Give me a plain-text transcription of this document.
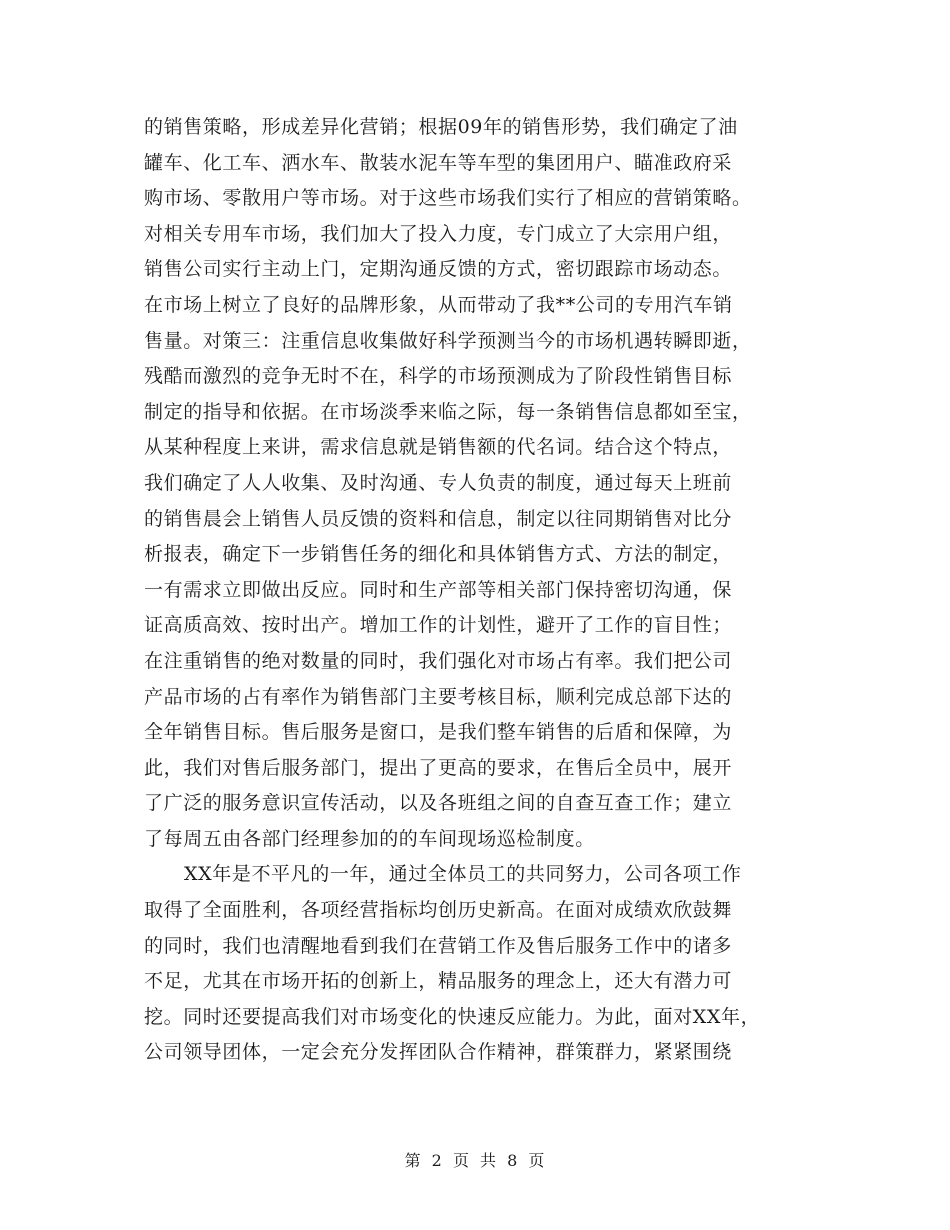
的销售策略，形成差异化营销；根据09年的销售形势，我们确定了油
罐车、化工车、洒水车、散装水泥车等车型的集团用户、瞄准政府采
购市场、零散用户等市场。对于这些市场我们实行了相应的营销策略。
对相关专用车市场，我们加大了投入力度，专门成立了大宗用户组，
销售公司实行主动上门，定期沟通反馈的方式，密切跟踪市场动态。
在市场上树立了良好的品牌形象，从而带动了我**公司的专用汽车销
售量。对策三：注重信息收集做好科学预测当今的市场机遇转瞬即逝，
残酷而激烈的竞争无时不在，科学的市场预测成为了阶段性销售目标
制定的指导和依据。在市场淡季来临之际，每一条销售信息都如至宝，
从某种程度上来讲，需求信息就是销售额的代名词。结合这个特点，
我们确定了人人收集、及时沟通、专人负责的制度，通过每天上班前
的销售晨会上销售人员反馈的资料和信息，制定以往同期销售对比分
析报表，确定下一步销售任务的细化和具体销售方式、方法的制定，
一有需求立即做出反应。同时和生产部等相关部门保持密切沟通，保
证高质高效、按时出产。增加工作的计划性，避开了工作的盲目性；
在注重销售的绝对数量的同时，我们强化对市场占有率。我们把公司
产品市场的占有率作为销售部门主要考核目标，顺利完成总部下达的
全年销售目标。售后服务是窗口，是我们整车销售的后盾和保障，为
此，我们对售后服务部门，提出了更高的要求，在售后全员中，展开
了广泛的服务意识宣传活动，以及各班组之间的自查互查工作；建立
了每周五由各部门经理参加的的车间现场巡检制度。
XX年是不平凡的一年，通过全体员工的共同努力，公司各项工作
取得了全面胜利，各项经营指标均创历史新高。在面对成绩欢欣鼓舞
的同时，我们也清醒地看到我们在营销工作及售后服务工作中的诸多
不足，尤其在市场开拓的创新上，精品服务的理念上，还大有潜力可
挖。同时还要提高我们对市场变化的快速反应能力。为此，面对XX年，
公司领导团体，一定会充分发挥团队合作精神，群策群力，紧紧围绕
第 2 页 共 8 页
